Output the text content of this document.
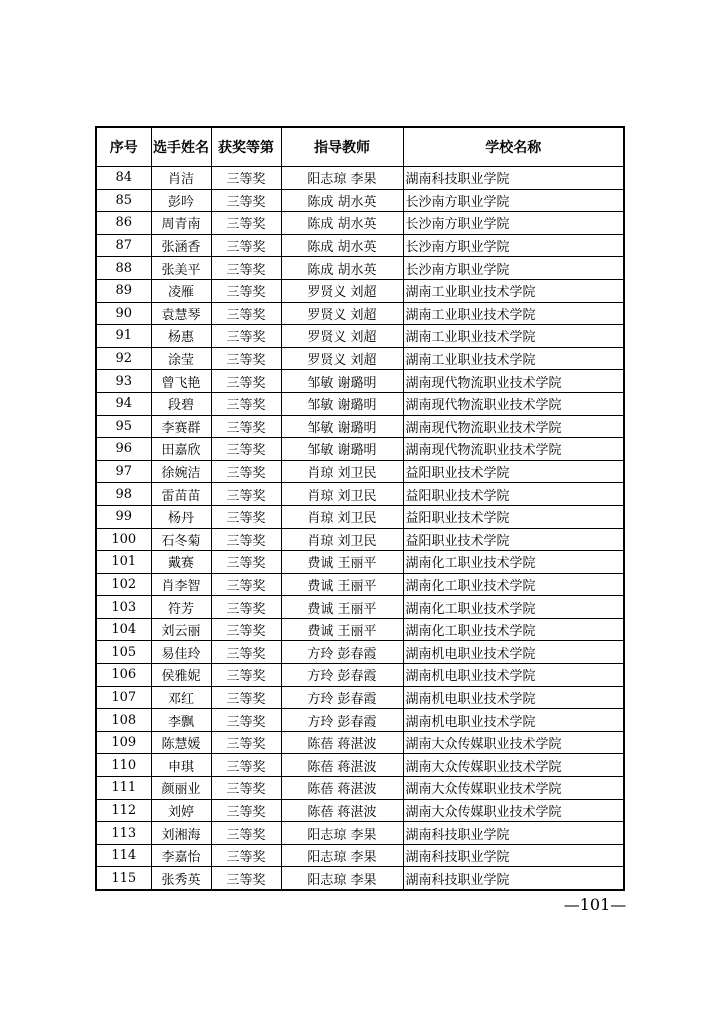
序号	选手姓名	获奖等第	指导教师	学校名称
84	肖洁	三等奖	阳志琼 李果	湖南科技职业学院
85	彭吟	三等奖	陈成 胡水英	长沙南方职业学院
86	周青南	三等奖	陈成 胡水英	长沙南方职业学院
87	张涵香	三等奖	陈成 胡水英	长沙南方职业学院
88	张美平	三等奖	陈成 胡水英	长沙南方职业学院
89	凌雁	三等奖	罗贤义 刘超	湖南工业职业技术学院
90	袁慧琴	三等奖	罗贤义 刘超	湖南工业职业技术学院
91	杨惠	三等奖	罗贤义 刘超	湖南工业职业技术学院
92	涂莹	三等奖	罗贤义 刘超	湖南工业职业技术学院
93	曾飞艳	三等奖	邹敏 谢璐明	湖南现代物流职业技术学院
94	段碧	三等奖	邹敏 谢璐明	湖南现代物流职业技术学院
95	李赛群	三等奖	邹敏 谢璐明	湖南现代物流职业技术学院
96	田嘉欣	三等奖	邹敏 谢璐明	湖南现代物流职业技术学院
97	徐婉洁	三等奖	肖琼 刘卫民	益阳职业技术学院
98	雷苗苗	三等奖	肖琼 刘卫民	益阳职业技术学院
99	杨丹	三等奖	肖琼 刘卫民	益阳职业技术学院
100	石冬菊	三等奖	肖琼 刘卫民	益阳职业技术学院
101	戴赛	三等奖	费诚 王丽平	湖南化工职业技术学院
102	肖李智	三等奖	费诚 王丽平	湖南化工职业技术学院
103	符芳	三等奖	费诚 王丽平	湖南化工职业技术学院
104	刘云丽	三等奖	费诚 王丽平	湖南化工职业技术学院
105	易佳玲	三等奖	方玲 彭春霞	湖南机电职业技术学院
106	侯雅妮	三等奖	方玲 彭春霞	湖南机电职业技术学院
107	邓红	三等奖	方玲 彭春霞	湖南机电职业技术学院
108	李飘	三等奖	方玲 彭春霞	湖南机电职业技术学院
109	陈慧媛	三等奖	陈蓓 蒋湛波	湖南大众传媒职业技术学院
110	申琪	三等奖	陈蓓 蒋湛波	湖南大众传媒职业技术学院
111	颜丽业	三等奖	陈蓓 蒋湛波	湖南大众传媒职业技术学院
112	刘婷	三等奖	陈蓓 蒋湛波	湖南大众传媒职业技术学院
113	刘湘海	三等奖	阳志琼 李果	湖南科技职业学院
114	李嘉怡	三等奖	阳志琼 李果	湖南科技职业学院
115	张秀英	三等奖	阳志琼 李果	湖南科技职业学院
—101—
